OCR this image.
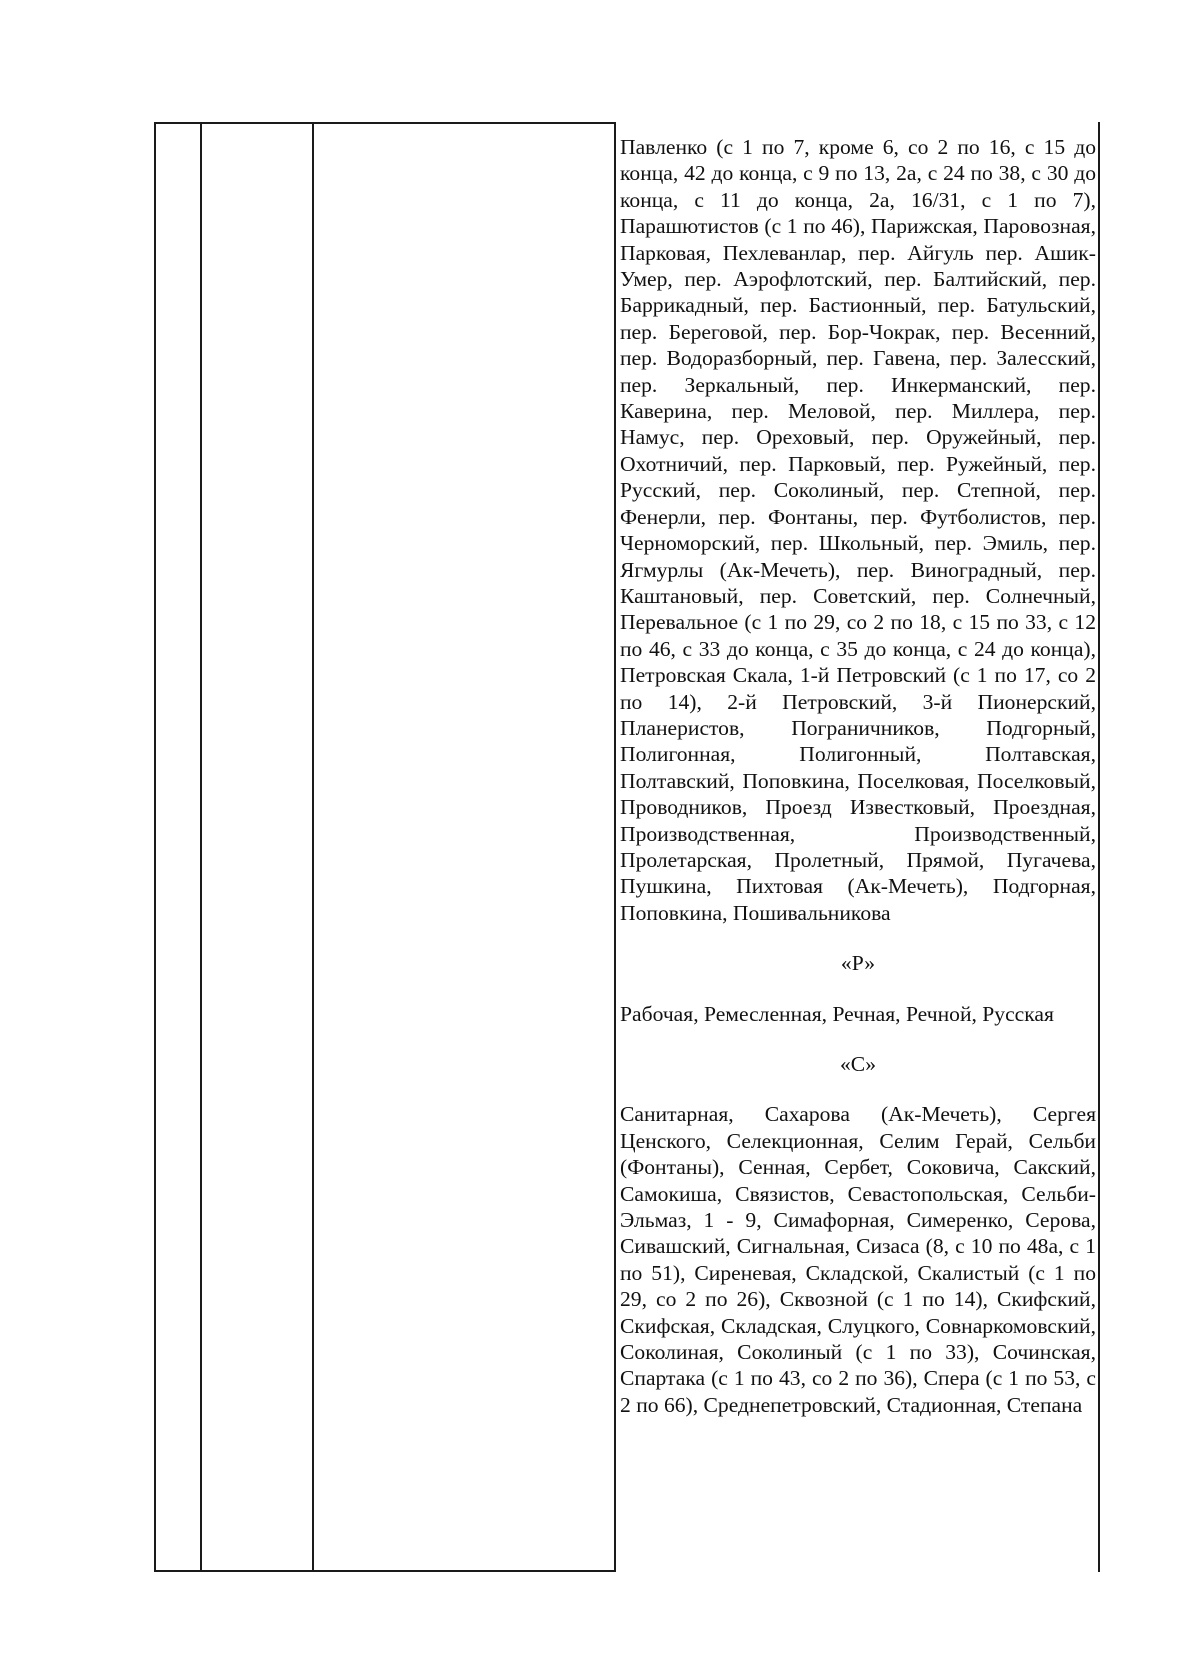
Павленко (с 1 по 7, кроме 6, со 2 по 16, с 15 до конца, 42 до конца, с 9 по 13, 2а, с 24 по 38, с 30 до конца, с 11 до конца, 2а, 16/31, с 1 по 7), Парашютистов (с 1 по 46), Парижская, Паровозная, Парковая, Пехлеванлар, пер. Айгуль пер. Ашик-Умер, пер. Аэрофлотский, пер. Балтийский, пер. Баррикадный, пер. Бастионный, пер. Батульский, пер. Береговой, пер. Бор-Чокрак, пер. Весенний, пер. Водоразборный, пер. Гавена, пер. Залесский, пер. Зеркальный, пер. Инкерманский, пер. Каверина, пер. Меловой, пер. Миллера, пер. Намус, пер. Ореховый, пер. Оружейный, пер. Охотничий, пер. Парковый, пер. Ружейный, пер. Русский, пер. Соколиный, пер. Степной, пер. Фенерли, пер. Фонтаны, пер. Футболистов, пер. Черноморский, пер. Школьный, пер. Эмиль, пер. Ягмурлы (Ак-Мечеть), пер. Виноградный, пер. Каштановый, пер. Советский, пер. Солнечный, Перевальное (с 1 по 29, со 2 по 18, с 15 по 33, с 12 по 46, с 33 до конца, с 35 до конца, с 24 до конца), Петровская Скала, 1-й Петровский (с 1 по 17, со 2 по 14), 2-й Петровский, 3-й Пионерский, Планеристов, Пограничников, Подгорный, Полигонная, Полигонный, Полтавская, Полтавский, Поповкина, Поселковая, Поселковый, Проводников, Проезд Известковый, Проездная, Производственная, Производственный, Пролетарская, Пролетный, Прямой, Пугачева, Пушкина, Пихтовая (Ак-Мечеть), Подгорная, Поповкина, Пошивальникова

«Р»

Рабочая, Ремесленная, Речная, Речной, Русская

«С»

Санитарная, Сахарова (Ак-Мечеть), Сергея Ценского, Селекционная, Селим Герай, Сельби (Фонтаны), Сенная, Сербет, Соковича, Сакский, Самокиша, Связистов, Севастопольская, Сельби-Эльмаз, 1 - 9, Симафорная, Симеренко, Серова, Сивашский, Сигнальная, Сизаса (8, с 10 по 48а, с 1 по 51), Сиреневая, Складской, Скалистый (с 1 по 29, со 2 по 26), Сквозной (с 1 по 14), Скифский, Скифская, Складская, Слуцкого, Совнаркомовский, Соколиная, Соколиный (с 1 по 33), Сочинская, Спартака (с 1 по 43, со 2 по 36), Спера (с 1 по 53, с 2 по 66), Среднепетровский, Стадионная, Степана
